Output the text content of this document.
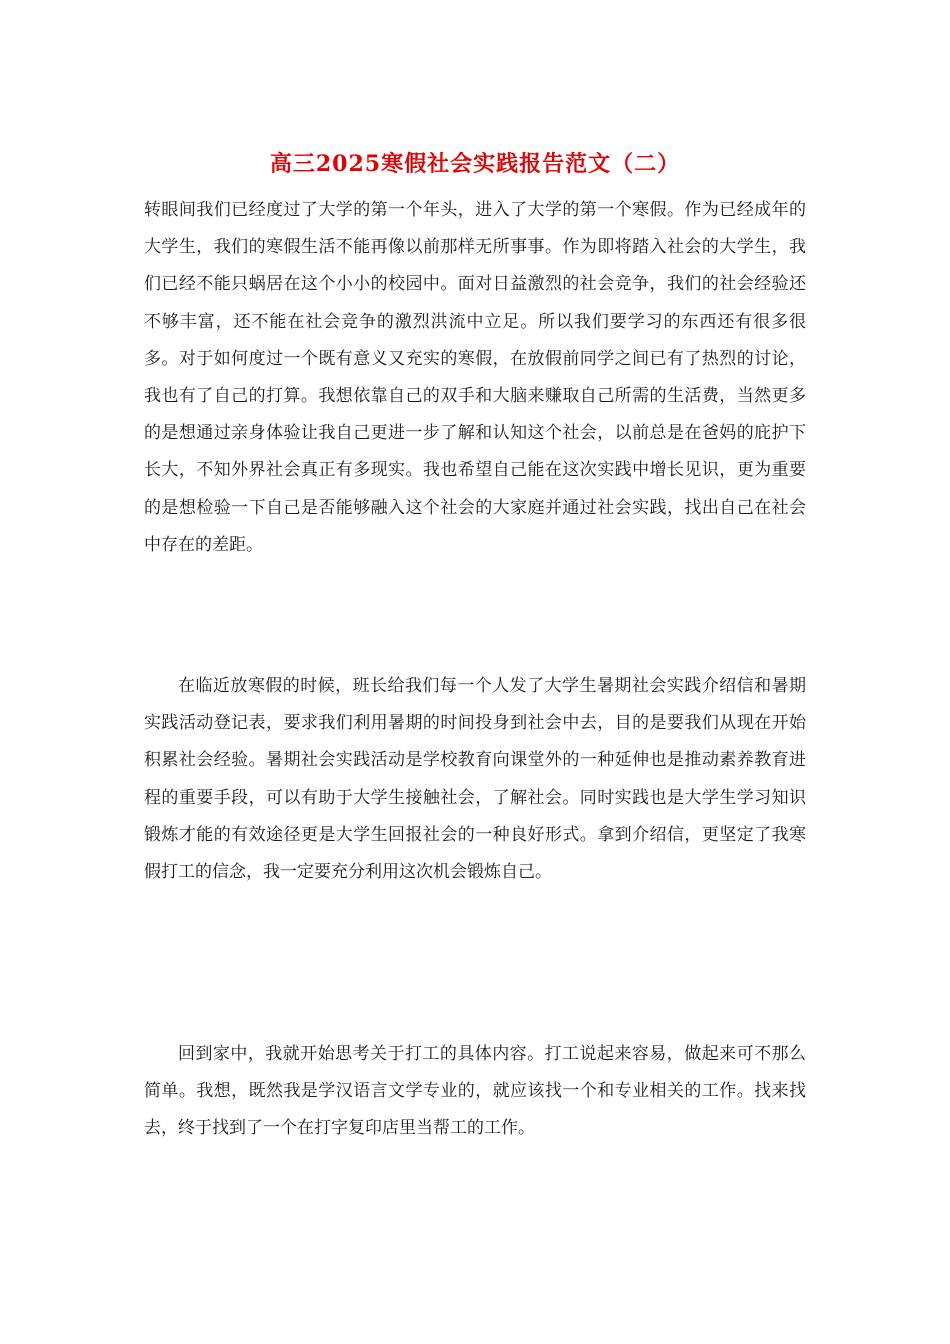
高三2025寒假社会实践报告范文（二）

转眼间我们已经度过了大学的第一个年头，进入了大学的第一个寒假。作为已经成年的大学生，我们的寒假生活不能再像以前那样无所事事。作为即将踏入社会的大学生，我们已经不能只蜗居在这个小小的校园中。面对日益激烈的社会竞争，我们的社会经验还不够丰富，还不能在社会竞争的激烈洪流中立足。所以我们要学习的东西还有很多很多。对于如何度过一个既有意义又充实的寒假，在放假前同学之间已有了热烈的讨论，我也有了自己的打算。我想依靠自己的双手和大脑来赚取自己所需的生活费，当然更多的是想通过亲身体验让我自己更进一步了解和认知这个社会，以前总是在爸妈的庇护下长大，不知外界社会真正有多现实。我也希望自己能在这次实践中增长见识，更为重要的是想检验一下自己是否能够融入这个社会的大家庭并通过社会实践，找出自己在社会中存在的差距。

在临近放寒假的时候，班长给我们每一个人发了大学生暑期社会实践介绍信和暑期实践活动登记表，要求我们利用暑期的时间投身到社会中去，目的是要我们从现在开始积累社会经验。暑期社会实践活动是学校教育向课堂外的一种延伸也是推动素养教育进程的重要手段，可以有助于大学生接触社会，了解社会。同时实践也是大学生学习知识锻炼才能的有效途径更是大学生回报社会的一种良好形式。拿到介绍信，更坚定了我寒假打工的信念，我一定要充分利用这次机会锻炼自己。

回到家中，我就开始思考关于打工的具体内容。打工说起来容易，做起来可不那么简单。我想，既然我是学汉语言文学专业的，就应该找一个和专业相关的工作。找来找去，终于找到了一个在打字复印店里当帮工的工作。
